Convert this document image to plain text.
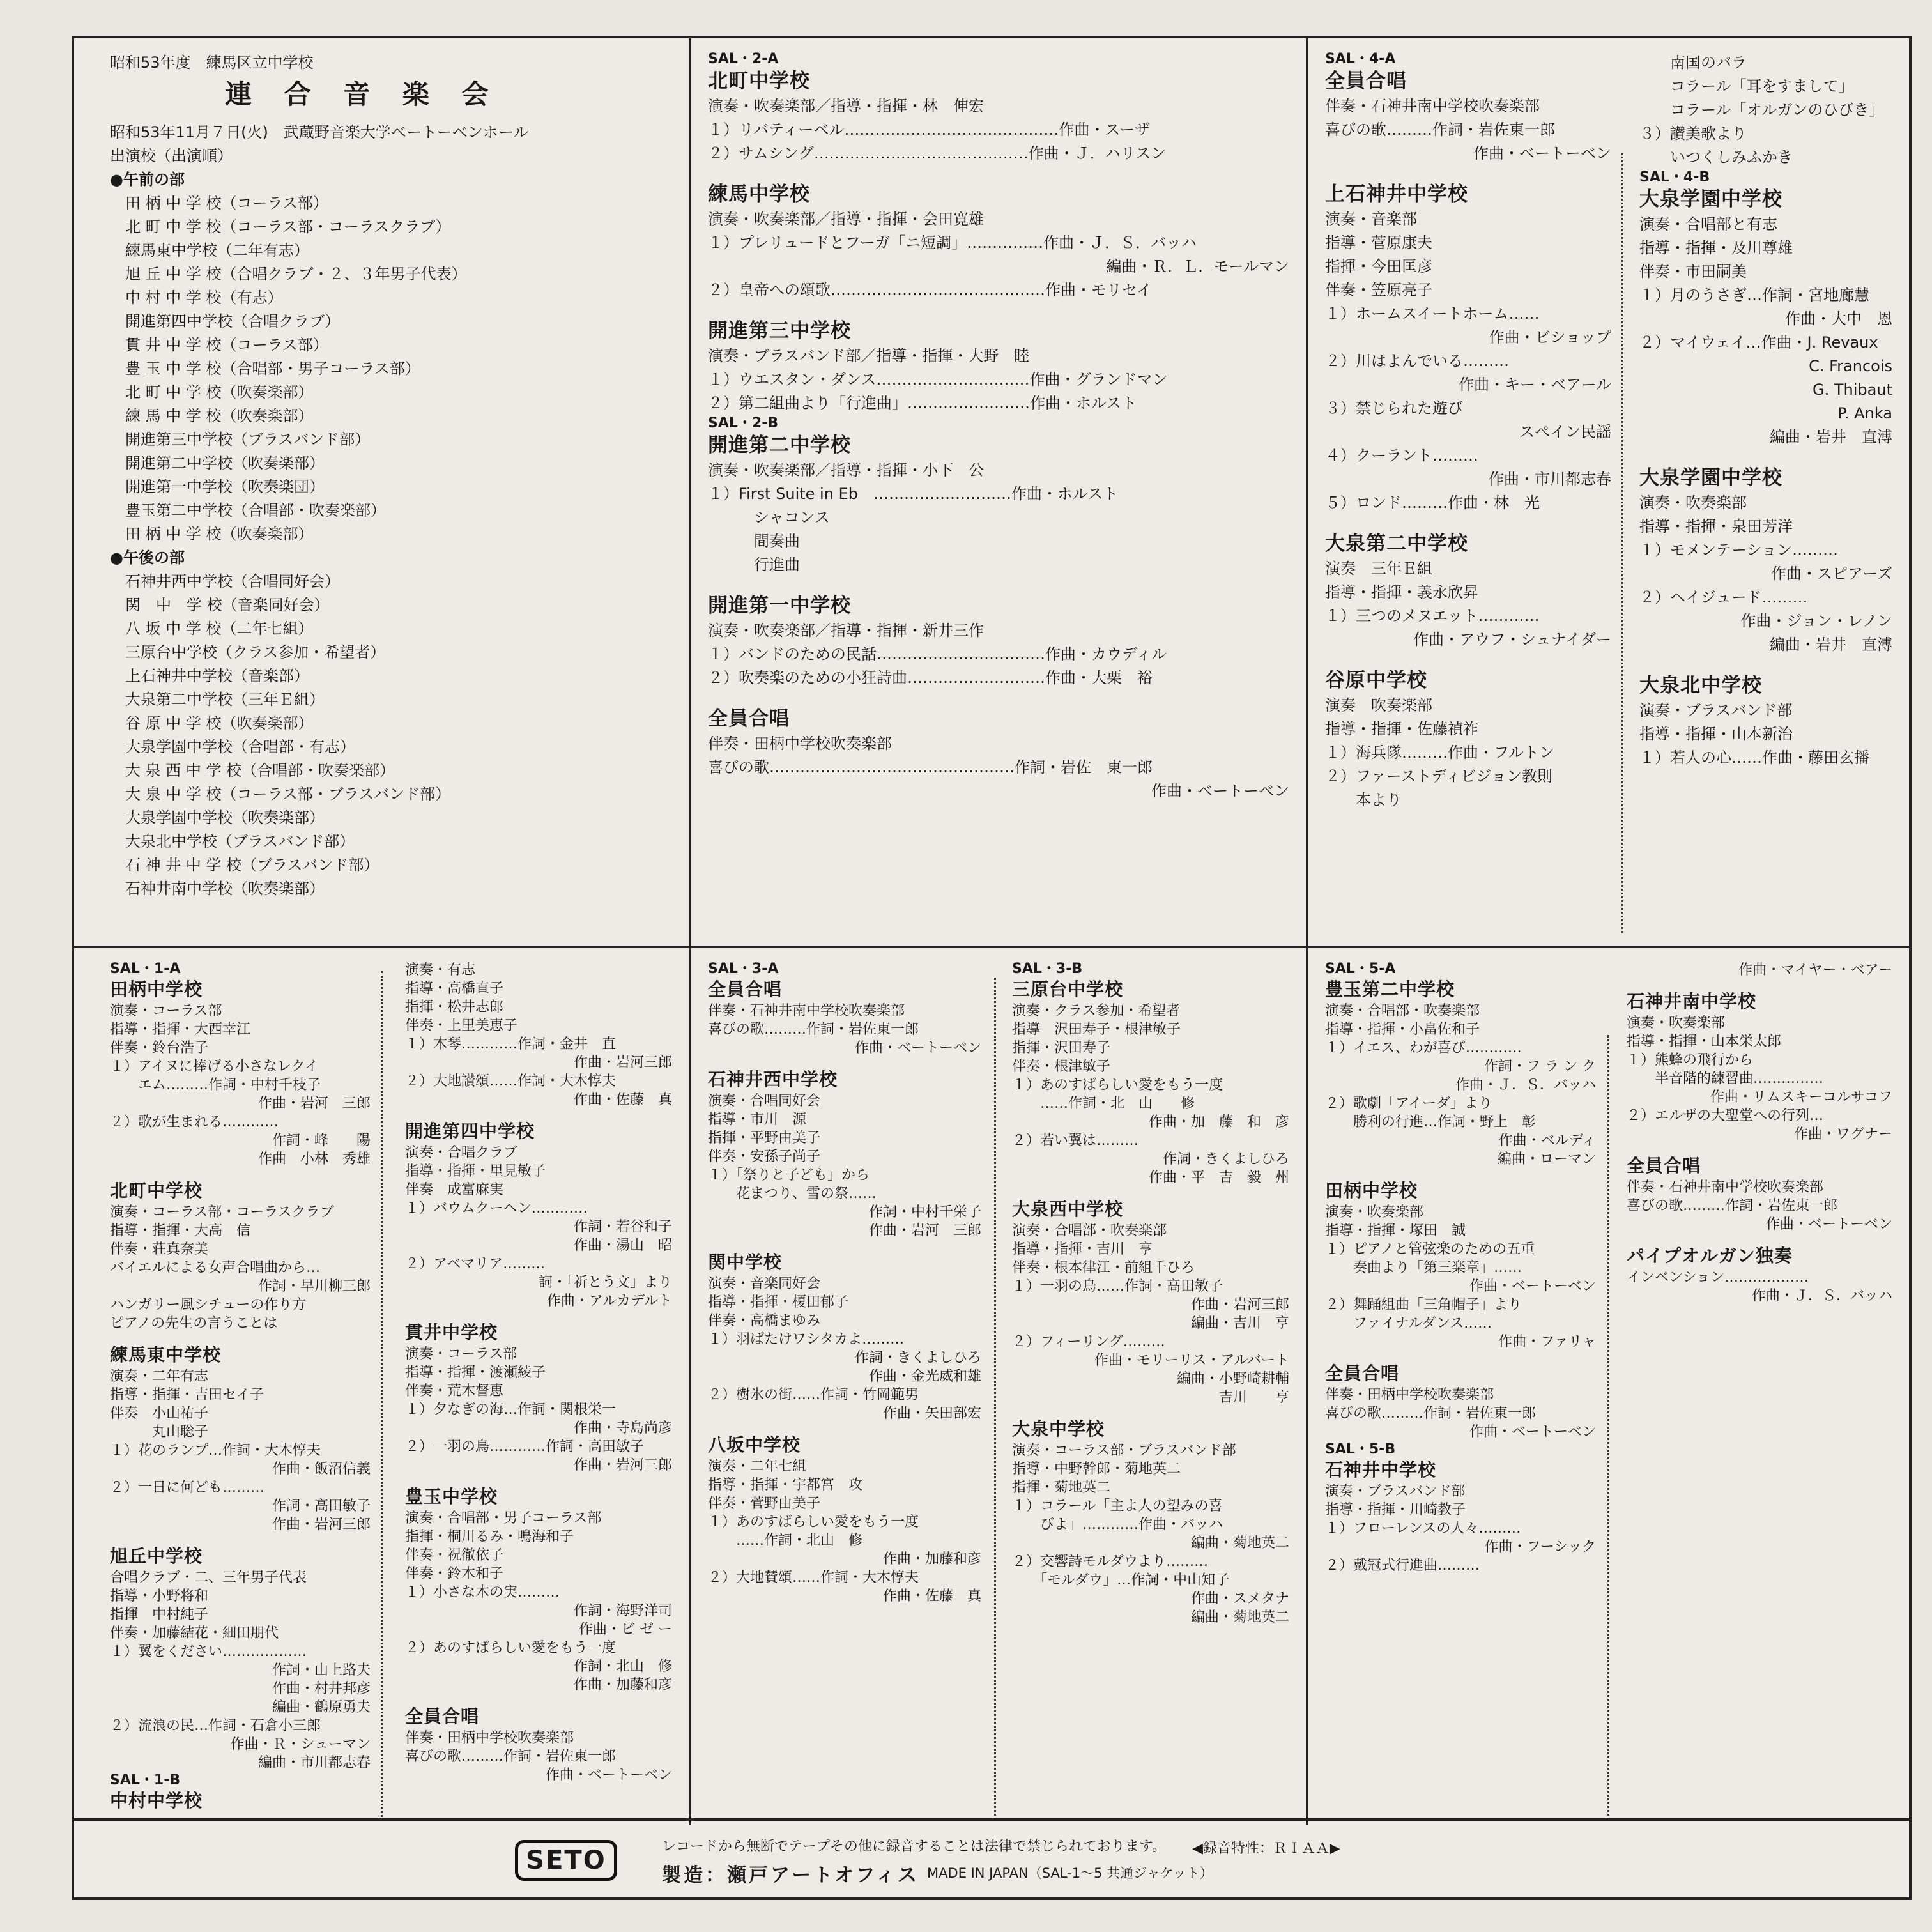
昭和53年度　練馬区立中学校
連 合 音 楽 会
昭和53年11月７日(火)　武蔵野音楽大学ベートーベンホール
出演校（出演順）
●午前の部
　田 柄 中 学 校（コーラス部）
　北 町 中 学 校（コーラス部・コーラスクラブ）
　練馬東中学校（二年有志）
　旭 丘 中 学 校（合唱クラブ・２、３年男子代表）
　中 村 中 学 校（有志）
　開進第四中学校（合唱クラブ）
　貫 井 中 学 校（コーラス部）
　豊 玉 中 学 校（合唱部・男子コーラス部）
　北 町 中 学 校（吹奏楽部）
　練 馬 中 学 校（吹奏楽部）
　開進第三中学校（ブラスバンド部）
　開進第二中学校（吹奏楽部）
　開進第一中学校（吹奏楽団）
　豊玉第二中学校（合唱部・吹奏楽部）
　田 柄 中 学 校（吹奏楽部）
●午後の部
　石神井西中学校（合唱同好会）
　関　中　学 校（音楽同好会）
　八 坂 中 学 校（二年七組）
　三原台中学校（クラス参加・希望者）
　上石神井中学校（音楽部）
　大泉第二中学校（三年Ｅ組）
　谷 原 中 学 校（吹奏楽部）
　大泉学園中学校（合唱部・有志）
　大 泉 西 中 学 校（合唱部・吹奏楽部）
　大 泉 中 学 校（コーラス部・ブラスバンド部）
　大泉学園中学校（吹奏楽部）
　大泉北中学校（ブラスバンド部）
　石 神 井 中 学 校（ブラスバンド部）
　石神井南中学校（吹奏楽部）
SAL・2-A
北町中学校
演奏・吹奏楽部／指導・指揮・林　伸宏
１）リバティーベル……………………………………作曲・スーザ
２）サムシング……………………………………作曲・Ｊ．ハリスン
練馬中学校
演奏・吹奏楽部／指導・指揮・会田寛雄
１）プレリュードとフーガ「ニ短調」……………作曲・Ｊ．Ｓ．バッハ
編曲・Ｒ．Ｌ．モールマン
２）皇帝への頌歌……………………………………作曲・モリセイ
開進第三中学校
演奏・ブラスバンド部／指導・指揮・大野　睦
１）ウエスタン・ダンス…………………………作曲・グランドマン
２）第二組曲より「行進曲」……………………作曲・ホルスト
SAL・2-B
開進第二中学校
演奏・吹奏楽部／指導・指揮・小下　公
１）First Suite in Eb　………………………作曲・ホルスト
　　　シャコンス
　　　間奏曲
　　　行進曲
開進第一中学校
演奏・吹奏楽部／指導・指揮・新井三作
１）バンドのための民話……………………………作曲・カウディル
２）吹奏楽のための小狂詩曲………………………作曲・大栗　裕
全員合唱
伴奏・田柄中学校吹奏楽部
喜びの歌…………………………………………作詞・岩佐　東一郎
作曲・ベートーベン
SAL・4-A
全員合唱
伴奏・石神井南中学校吹奏楽部
喜びの歌………作詞・岩佐東一郎
作曲・ベートーベン
上石神井中学校
演奏・音楽部
指導・菅原康夫
指揮・今田匡彦
伴奏・笠原亮子
１）ホームスイートホーム……
作曲・ビショップ
２）川はよんでいる………
作曲・キー・ベアール
３）禁じられた遊び
スペイン民謡
４）クーラント………
作曲・市川都志春
５）ロンド………作曲・林　光
大泉第二中学校
演奏　三年Ｅ組
指導・指揮・義永欣昇
１）三つのメヌエット…………
作曲・アウフ・シュナイダー
谷原中学校
演奏　吹奏楽部
指導・指揮・佐藤禎祚
１）海兵隊………作曲・フルトン
２）ファーストディビジョン教則
　　本より
　　南国のバラ
　　コラール「耳をすまして」
　　コラール「オルガンのひびき」
３）讃美歌より
　　いつくしみふかき
SAL・4-B
大泉学園中学校
演奏・合唱部と有志
指導・指揮・及川尊雄
伴奏・市田嗣美
１）月のうさぎ…作詞・宮地廊慧
作曲・大中　恩
２）マイウェイ…作曲・J. Revaux
C. Francois
G. Thibaut
P. Anka
編曲・岩井　直溥
大泉学園中学校
演奏・吹奏楽部
指導・指揮・泉田芳洋
１）モメンテーション………
作曲・スピアーズ
２）ヘイジュード………
作曲・ジョン・レノン
編曲・岩井　直溥
大泉北中学校
演奏・ブラスバンド部
指導・指揮・山本新治
１）若人の心……作曲・藤田玄播
SAL・1-A
田柄中学校
演奏・コーラス部
指導・指揮・大西幸江
伴奏・鈴台浩子
１）アイヌに捧げる小さなレクイ
　　エム………作詞・中村千枝子
作曲・岩河　三郎
２）歌が生まれる…………
作詞・峰　　陽
作曲　小林　秀雄
北町中学校
演奏・コーラス部・コーラスクラブ
指導・指揮・大高　信
伴奏・荘真奈美
バイエルによる女声合唱曲から…
作詞・早川柳三郎
ハンガリー風シチューの作り方
ピアノの先生の言うことは
練馬東中学校
演奏・二年有志
指導・指揮・吉田セイ子
伴奏　小山祐子
　　　丸山聡子
１）花のランプ…作詞・大木惇夫
作曲・飯沼信義
２）一日に何ども………
作詞・高田敏子
作曲・岩河三郎
旭丘中学校
合唱クラブ・二、三年男子代表
指導・小野将和
指揮　中村純子
伴奏・加藤結花・細田朋代
１）翼をください………………
作詞・山上路夫
作曲・村井邦彦
編曲・鶴原勇夫
２）流浪の民…作詞・石倉小三郎
作曲・Ｒ・シューマン
編曲・市川都志春
SAL・1-B
中村中学校
演奏・有志
指導・高橋直子
指揮・松井志郎
伴奏・上里美恵子
１）木琴…………作詞・金井　直
作曲・岩河三郎
２）大地讃頌……作詞・大木惇夫
作曲・佐藤　真
開進第四中学校
演奏・合唱クラブ
指導・指揮・里見敏子
伴奏　成富麻実
１）バウムクーヘン…………
作詞・若谷和子
作曲・湯山　昭
２）アベマリア………
詞・「祈とう文」より
作曲・アルカデルト
貫井中学校
演奏・コーラス部
指導・指揮・渡瀬綾子
伴奏・荒木督恵
１）夕なぎの海…作詞・関根栄一
作曲・寺島尚彦
２）一羽の鳥…………作詞・高田敏子
作曲・岩河三郎
豊玉中学校
演奏・合唱部・男子コーラス部
指揮・桐川るみ・鳴海和子
伴奏・祝徹依子
伴奏・鈴木和子
１）小さな木の実………
作詞・海野洋司
作曲・ビ ゼ ー
２）あのすばらしい愛をもう一度
作詞・北山　修
作曲・加藤和彦
全員合唱
伴奏・田柄中学校吹奏楽部
喜びの歌………作詞・岩佐東一郎
作曲・ベートーベン
SAL・3-A
全員合唱
伴奏・石神井南中学校吹奏楽部
喜びの歌………作詞・岩佐東一郎
作曲・ベートーベン
石神井西中学校
演奏・合唱同好会
指導・市川　源
指揮・平野由美子
伴奏・安孫子尚子
１）「祭りと子ども」から
　　花まつり、雪の祭……
作詞・中村千栄子
作曲・岩河　三郎
関中学校
演奏・音楽同好会
指導・指揮・榎田郁子
伴奏・高橋まゆみ
１）羽ばたけワシタカよ………
作詞・きくよしひろ
作曲・金光威和雄
２）樹氷の街……作詞・竹岡範男
作曲・矢田部宏
八坂中学校
演奏・二年七組
指導・指揮・宇都宮　攻
伴奏・菅野由美子
１）あのすばらしい愛をもう一度
　　……作詞・北山　修
作曲・加藤和彦
２）大地賛頌……作詞・大木惇夫
作曲・佐藤　真
SAL・3-B
三原台中学校
演奏・クラス参加・希望者
指導　沢田寿子・根津敏子
指揮・沢田寿子
伴奏・根津敏子
１）あのすばらしい愛をもう一度
　　……作詞・北　山　　修
作曲・加　藤　和　彦
２）若い翼は………
作詞・きくよしひろ
作曲・平　吉　毅　州
大泉西中学校
演奏・合唱部・吹奏楽部
指導・指揮・吉川　亨
伴奏・根本律江・前組千ひろ
１）一羽の鳥……作詞・高田敏子
作曲・岩河三郎
編曲・吉川　亨
２）フィーリング………
作曲・モリーリス・アルバート
編曲・小野崎耕輔
吉川　　亨
大泉中学校
演奏・コーラス部・ブラスバンド部
指導・中野幹郎・菊地英二
指揮・菊地英二
１）コラール「主よ人の望みの喜
　　びよ」…………作曲・バッハ
編曲・菊地英二
２）交響詩モルダウより………
　　「モルダウ」…作詞・中山知子
作曲・スメタナ
編曲・菊地英二
SAL・5-A
豊玉第二中学校
演奏・合唱部・吹奏楽部
指導・指揮・小畠佐和子
１）イエス、わが喜び…………
作詞・フ ラ ン ク
作曲・Ｊ．Ｓ．バッハ
２）歌劇「アイーダ」より
　　勝利の行進…作詞・野上　彰
作曲・ベルディ
編曲・ローマン
田柄中学校
演奏・吹奏楽部
指導・指揮・塚田　誠
１）ピアノと管弦楽のための五重
　　奏曲より「第三楽章」……
作曲・ベートーベン
２）舞踊組曲「三角帽子」より
　　ファイナルダンス……
作曲・ファリャ
全員合唱
伴奏・田柄中学校吹奏楽部
喜びの歌………作詞・岩佐東一郎
作曲・ベートーベン
SAL・5-B
石神井中学校
演奏・ブラスバンド部
指導・指揮・川崎教子
１）フローレンスの人々………
作曲・フーシック
２）戴冠式行進曲………
作曲・マイヤー・ベアー
石神井南中学校
演奏・吹奏楽部
指導・指揮・山本栄太郎
１）熊蜂の飛行から
　　半音階的練習曲……………
作曲・リムスキーコルサコフ
２）エルザの大聖堂への行列…
作曲・ワグナー
全員合唱
伴奏・石神井南中学校吹奏楽部
喜びの歌………作詞・岩佐東一郎
作曲・ベートーベン
パイプオルガン独奏
インベンション………………
作曲・Ｊ．Ｓ．バッハ
SETO	レコードから無断でテープその他に録音することは法律で禁じられております。 ◀録音特性：ＲＩＡＡ▶
製造：瀬戸アートオフィス MADE IN JAPAN（SAL-1〜5 共通ジャケット）
